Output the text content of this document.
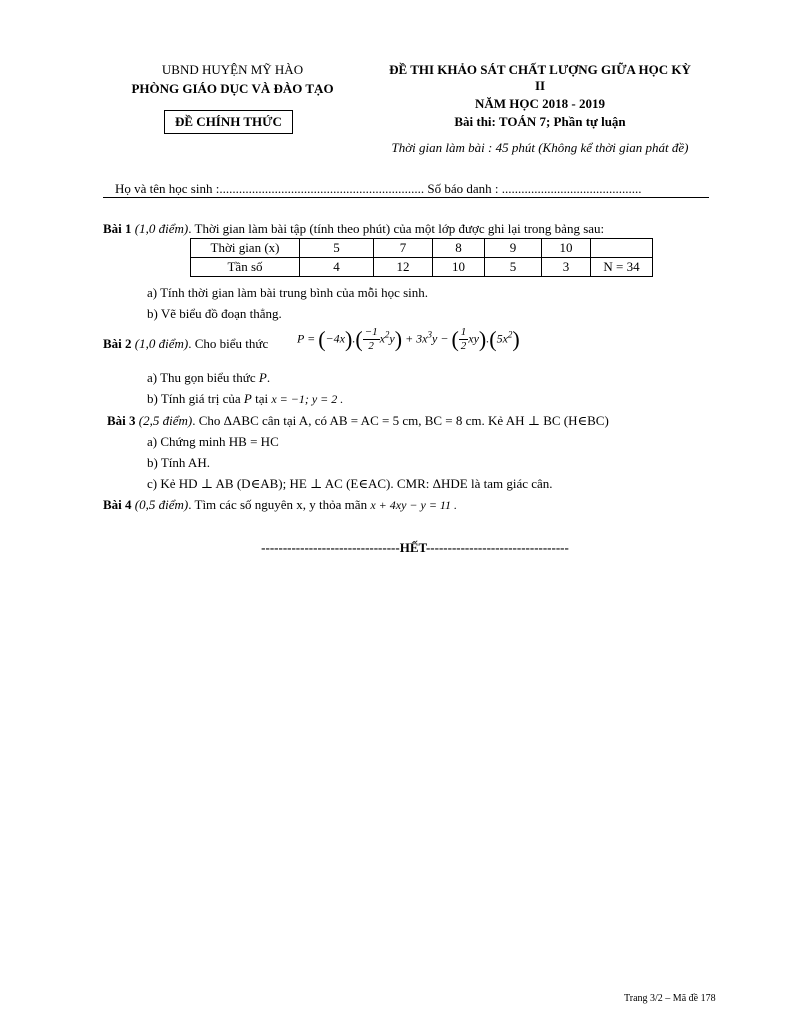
UBND HUYỆN MỸ HÀO
PHÒNG GIÁO DỤC VÀ ĐÀO TẠO
ĐỀ CHÍNH THỨC
ĐỀ THI KHẢO SÁT CHẤT LƯỢNG GIỮA HỌC KỲ
II
NĂM HỌC 2018 - 2019
Bài thi: TOÁN 7; Phần tự luận
Thời gian làm bài : 45 phút (Không kể thời gian phát đề)
Họ và tên học sinh :............................................................... Số báo danh : ...........................................
Bài 1 (1,0 điểm). Thời gian làm bài tập (tính theo phút) của một lớp được ghi lại trong bảng sau:
Thời gian (x)	5	7	8	9	10	
Tần số	4	12	10	5	3	N = 34
a) Tính thời gian làm bài trung bình của mỗi học sinh.
b) Vẽ biểu đồ đoạn thẳng.
Bài 2 (1,0 điểm). Cho biểu thức $P = (-4x).( \frac{-1}{2} x^2y) + 3x^3y$ − ( $\frac{1}{2} xy).(5x^2)$
a) Thu gọn biểu thức P.
b) Tính giá trị của P tại x = −1; y = 2 .
Bài 3 (2,5 điểm). Cho ΔABC cân tại A, có AB = AC = 5 cm, BC = 8 cm. Kẻ AH ⊥ BC (H∈BC)
a) Chứng minh HB = HC
b) Tính AH.
c) Kẻ HD ⊥ AB (D∈AB); HE ⊥ AC (E∈AC). CMR: ΔHDE là tam giác cân.
Bài 4 (0,5 điểm). Tìm các số nguyên x, y thỏa mãn x + 4xy − y = 11 .
--------------------------------HẾT---------------------------------
Trang 3/2 – Mã đề 178
